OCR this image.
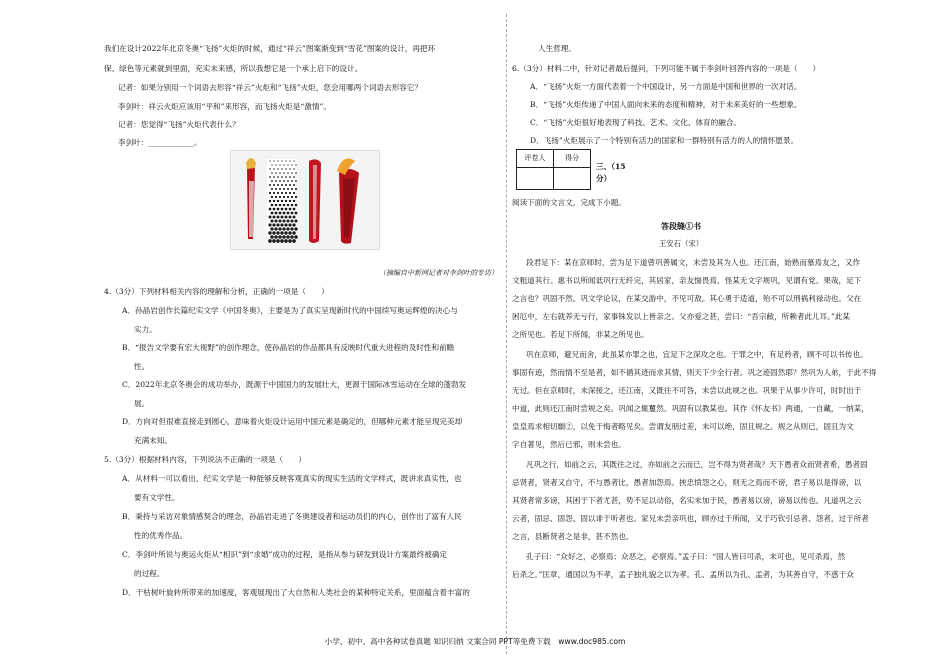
我们在设计2022年北京冬奥“飞扬”火炬的时候，通过“祥云”图案渐变到“雪花”图案的设计，再把环

保、绿色等元素就到里面，充实未来感，所以我想它是一个承上启下的设计。

记者：如果分别用一个词语去形容“祥云”火炬和“飞扬”火炬，您会用哪两个词语去形容它？

李剑叶：祥云火炬应该用“平和”来形容，而飞扬火炬是“激情”。

记者：您觉得“飞扬”火炬代表什么？

李剑叶：____________。

（摘编自中新网记者对李剑叶的专访）

4.（3分）下列材料相关内容的理解和分析，正确的一项是（　　）

A．孙晶岩创作长篇纪实文学《中国冬奥》，主要是为了真实呈现新时代的中国续写奥运辉煌的决心与

实力。

B．“报告文学要有宏大视野”的创作理念，使孙晶岩的作品都具有反映时代重大进程的及时性和前瞻

性。

C．2022年北京冬奥会的成功举办，既源于中国国力的发展壮大，更源于国际冰雪运动在全球的蓬勃发

展。

D．方向对但很难直接走到圆心，意味着火炬设计运用中国元素是确定的，但哪种元素才能呈现完美却

充满未知。

5.（3分）根据材料内容，下列说法不正确的一项是（　　）

A．从材料一可以看出，纪实文学是一种能够反映客观真实的现实生活的文学样式，既讲求真实性，也

要有文学性。

B．秉持与采访对象情感契合的理念，孙晶岩走进了冬奥建设者和运动员们的内心，创作出了富有人民

性的优秀作品。

C．李剑叶所说与奥运火炬从“相识”到“求婚”成功的过程，是指从参与研发到设计方案最终被确定

的过程。

D．干枯树叶旋转所带来的加速度，客观展现出了大自然和人类社会的某种特定关系，里面蕴含着丰富的

人生哲理。

6.（3分）材料二中，针对记者最后提问，下列可能不属于李剑叶回答内容的一项是（　　）

A．“飞扬”火炬一方面代表着一个中国设计，另一方面是中国和世界的一次对话。

B．“飞扬”火炬传递了中国人面向未来的态度和精神，对于未来美好的一些想象。

C．“飞扬”火炬很好地表现了科技、艺术、文化、体育的融合。

D．飞扬”火炬展示了一个特别有活力的国家和一群特别有活力的人的情怀愿景。

评卷人	得分

三、（15

分）

阅读下面的文言文，完成下小题。

答段缝①书

王安石（宋）

段君足下：某在京师时，尝为足下道曾巩善属文，未尝及其为人也。还江南，始熟而慕焉友之，又作

文粗道其行。惠书以所闻诋巩行无纤完，其居家，亲友惴畏焉，怪某无文字规巩，见谓有党。果哉，足下

之言也？巩固不然。巩文学论议，在某交游中，不见可敌。其心勇于适道，殆不可以刑祸利禄动也。父在

困厄中，左右就养无亏行，家事铢发以上皆亲之。父亦爱之甚，尝曰：“吾宗敝，所赖者此儿耳。”此某

之所见也。若足下所闻，非某之所见也。

巩在京师，避兄而舍，此虽某亦罪之也，宜足下之深攻之也。于罪之中，有足矜者，顾不可以书传也。

事固有迹，然而情不至是者，如不循其迹而求其情，则天下少全行者。巩之迹固然耶？然巩为人弟，于此不得

无过。但在京师时，未深接之，还江南，又既往不可咎，未尝以此规之也。巩果于从事少许可，时时出于

中道，此则还江南时尝规之矣。巩闻之辄矍然。巩固有以教某也。其作《怀友书》两通，一自藏，一纳某，

皇皇焉求相切劘②，以免于悔者略见矣。尝谓友朋过差，未可以绝，固且规之。规之从则已，固且为文

字自著见，然后已邪，则未尝也。

凡巩之行，如前之云，其既往之过，亦如前之云而已，岂不得为贤者哉？天下愚者众而贤者希，愚者固

忌贤者，贤者又自守，不与愚者比，愚者加怨焉。挟忠愤怨之心，则无之焉而不谤，君子易以是得谤，以

其贤者常多谤，其困于下者尤甚，势不足以动俗，名实未加于民，愚者易以谤，谤易以传也。凡道巩之云

云者，固忌、固怨、固以诽于听者也。家兄未尝亲巩也，顾亦过于所闻，又于巧钦引忌者、怨者，过于所者

之言，县断贤者之是非，甚不然也。

孔子曰：“众好之，必察焉；众恶之，必察焉。”孟子曰：“国人皆曰可杀，未可也，见可杀焉，然

后杀之。”匡章，通国以为不孝，孟子独礼貌之以为孝。孔、孟所以为孔、孟者，为其善自守，不惑于众

小学、初中、高中各种试卷真题 知识归纳 文案合同 PPT等免费下载　www.doc985.com
